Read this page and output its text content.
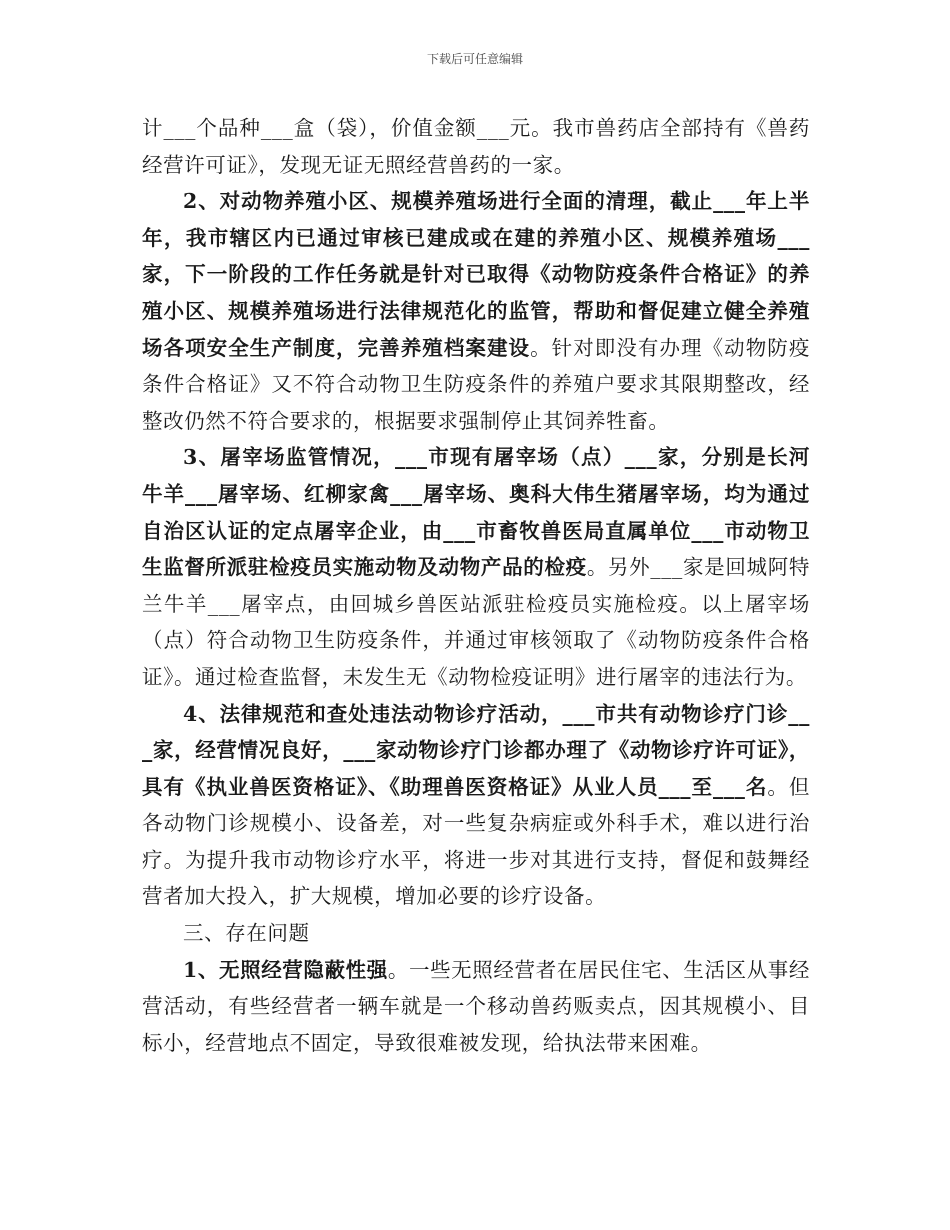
下载后可任意编辑

计___个品种___盒（袋），价值金额___元。我市兽药店全部持有《兽药经营许可证》，发现无证无照经营兽药的一家。

2、对动物养殖小区、规模养殖场进行全面的清理，截止___年上半年，我市辖区内已通过审核已建成或在建的养殖小区、规模养殖场___家，下一阶段的工作任务就是针对已取得《动物防疫条件合格证》的养殖小区、规模养殖场进行法律规范化的监管，帮助和督促建立健全养殖场各项安全生产制度，完善养殖档案建设。针对即没有办理《动物防疫条件合格证》又不符合动物卫生防疫条件的养殖户要求其限期整改，经整改仍然不符合要求的，根据要求强制停止其饲养牲畜。

3、屠宰场监管情况，___市现有屠宰场（点）___家，分别是长河牛羊___屠宰场、红柳家禽___屠宰场、奥科大伟生猪屠宰场，均为通过自治区认证的定点屠宰企业，由___市畜牧兽医局直属单位___市动物卫生监督所派驻检疫员实施动物及动物产品的检疫。另外___家是回城阿特兰牛羊___屠宰点，由回城乡兽医站派驻检疫员实施检疫。以上屠宰场（点）符合动物卫生防疫条件，并通过审核领取了《动物防疫条件合格证》。通过检查监督，未发生无《动物检疫证明》进行屠宰的违法行为。

4、法律规范和查处违法动物诊疗活动，___市共有动物诊疗门诊___家，经营情况良好，___家动物诊疗门诊都办理了《动物诊疗许可证》，具有《执业兽医资格证》、《助理兽医资格证》从业人员___至___名。但各动物门诊规模小、设备差，对一些复杂病症或外科手术，难以进行治疗。为提升我市动物诊疗水平，将进一步对其进行支持，督促和鼓舞经营者加大投入，扩大规模，增加必要的诊疗设备。

三、存在问题

1、无照经营隐蔽性强。一些无照经营者在居民住宅、生活区从事经营活动，有些经营者一辆车就是一个移动兽药贩卖点，因其规模小、目标小，经营地点不固定，导致很难被发现，给执法带来困难。
